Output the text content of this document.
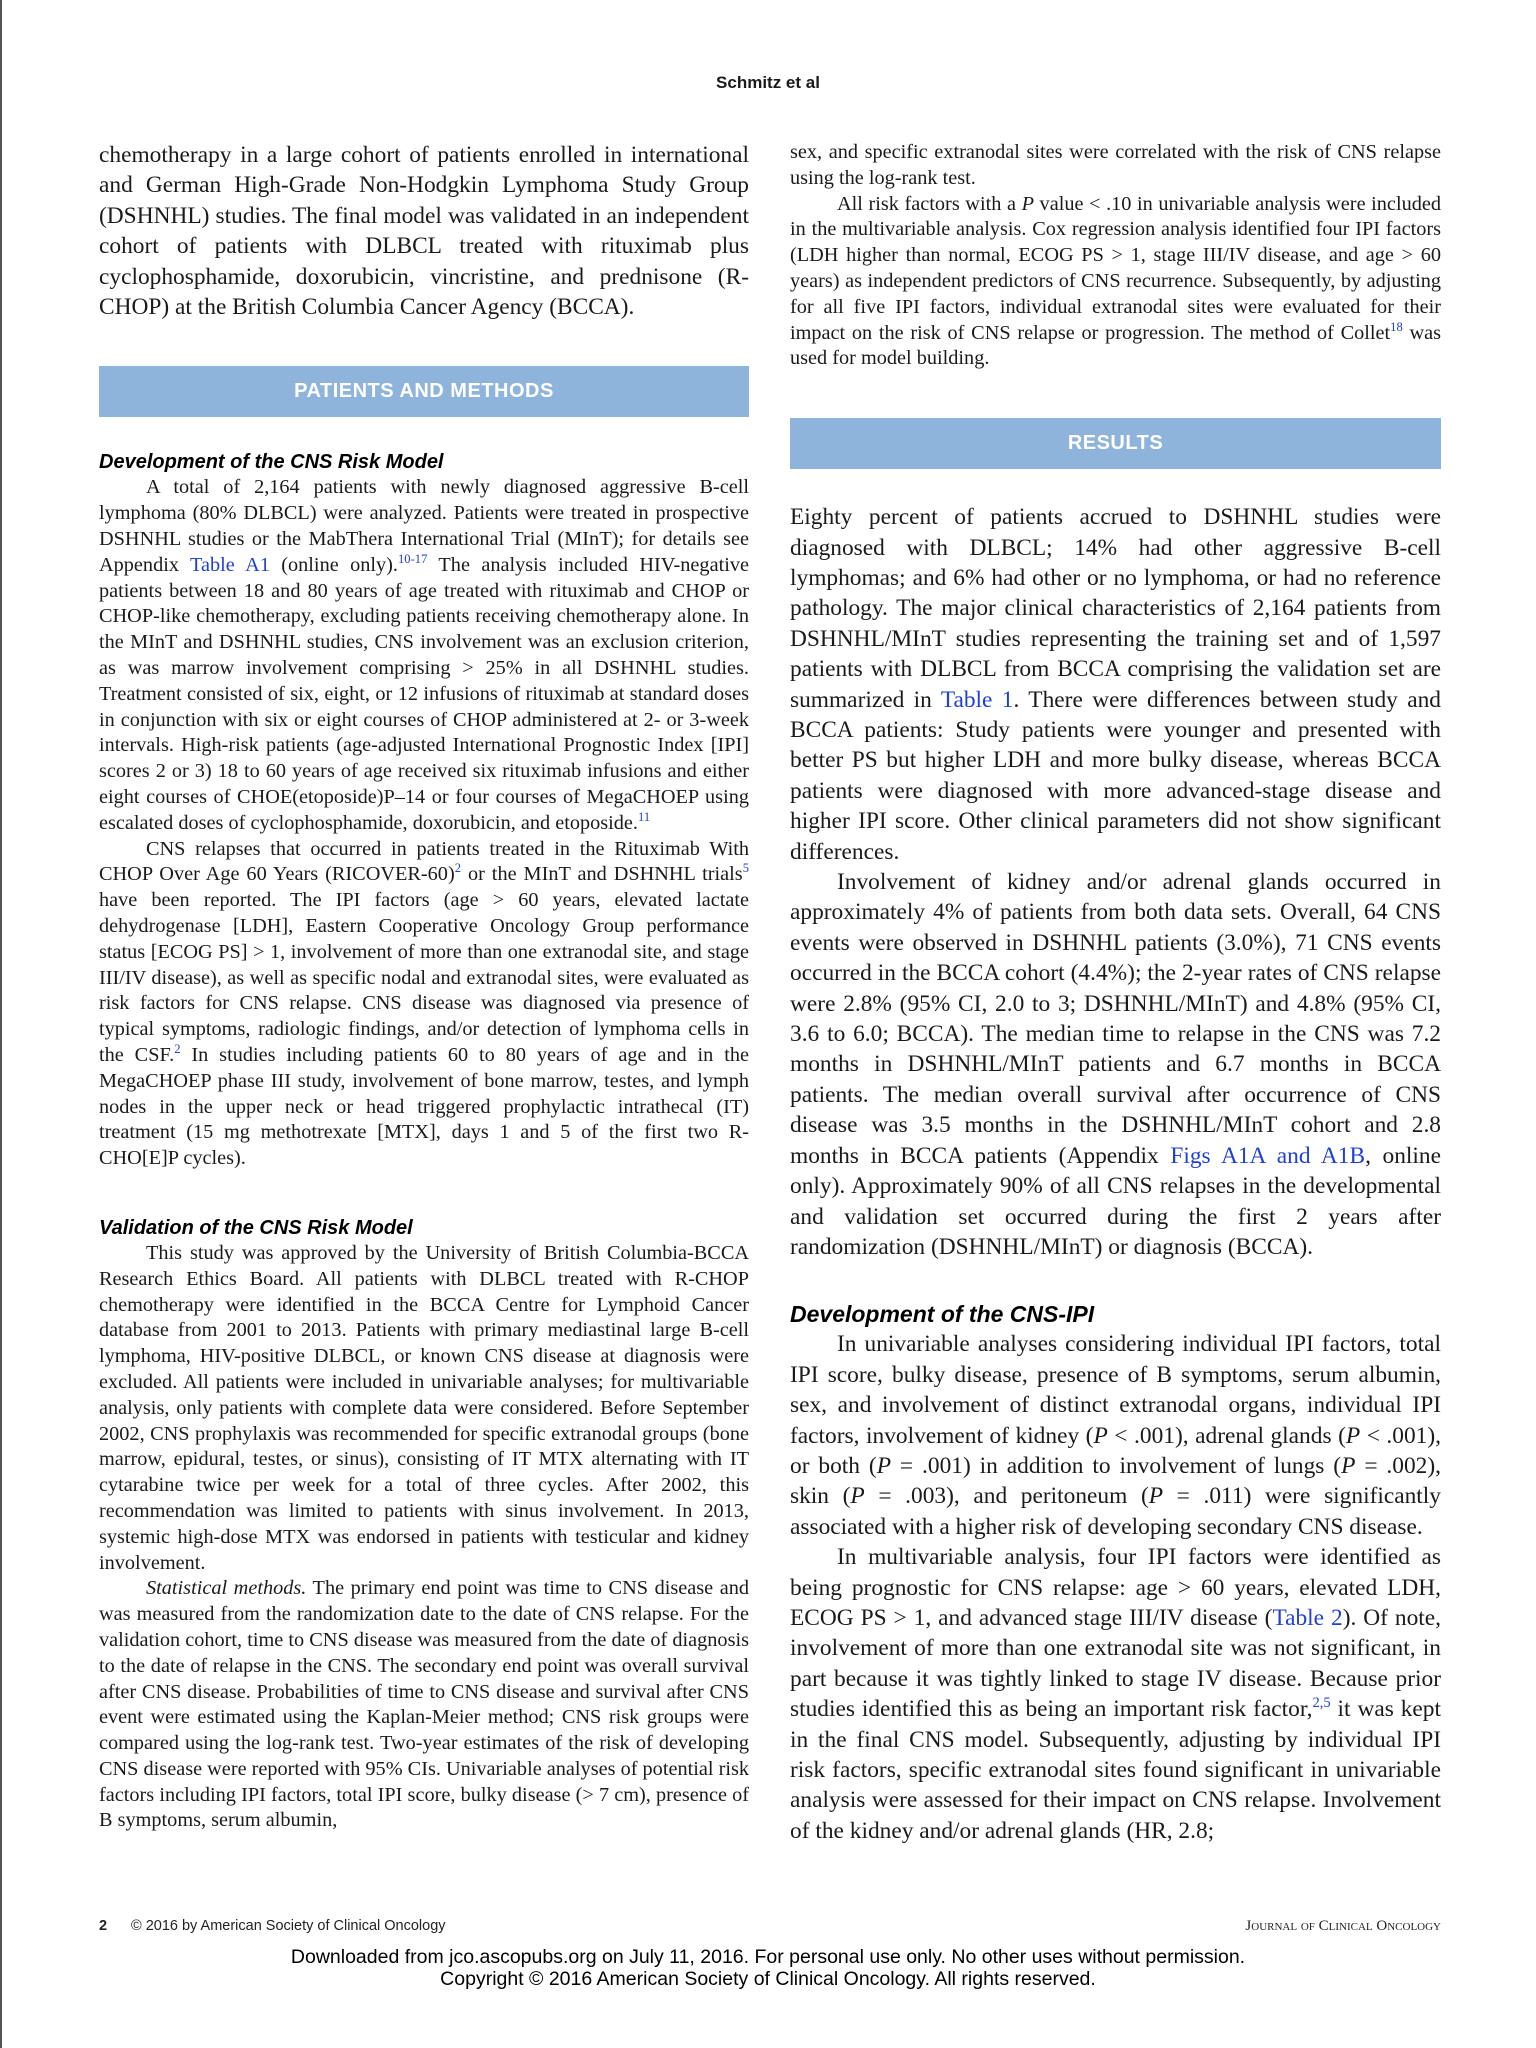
Schmitz et al

chemotherapy in a large cohort of patients enrolled in international and German High-Grade Non-Hodgkin Lymphoma Study Group (DSHNHL) studies. The final model was validated in an independent cohort of patients with DLBCL treated with rituximab plus cyclophosphamide, doxorubicin, vincristine, and prednisone (R-CHOP) at the British Columbia Cancer Agency (BCCA).

PATIENTS AND METHODS
Development of the CNS Risk Model

A total of 2,164 patients with newly diagnosed aggressive B-cell lymphoma (80% DLBCL) were analyzed. Patients were treated in prospective DSHNHL studies or the MabThera International Trial (MInT); for details see Appendix Table A1 (online only).$^{10-17}$ The analysis included HIV-negative patients between 18 and 80 years of age treated with rituximab and CHOP or CHOP-like chemotherapy, excluding patients receiving chemotherapy alone. In the MInT and DSHNHL studies, CNS involvement was an exclusion criterion, as was marrow involvement comprising > 25% in all DSHNHL studies. Treatment consisted of six, eight, or 12 infusions of rituximab at standard doses in conjunction with six or eight courses of CHOP administered at 2- or 3-week intervals. High-risk patients (age-adjusted International Prognostic Index [IPI] scores 2 or 3) 18 to 60 years of age received six rituximab infusions and either eight courses of CHOE(etoposide)P–14 or four courses of MegaCHOEP using escalated doses of cyclophosphamide, doxorubicin, and etoposide.$^{11}$

CNS relapses that occurred in patients treated in the Rituximab With CHOP Over Age 60 Years (RICOVER-60)$^2$ or the MInT and DSHNHL trials$^5$ have been reported. The IPI factors (age > 60 years, elevated lactate dehydrogenase [LDH], Eastern Cooperative Oncology Group performance status [ECOG PS] > 1, involvement of more than one extranodal site, and stage III/IV disease), as well as specific nodal and extranodal sites, were evaluated as risk factors for CNS relapse. CNS disease was diagnosed via presence of typical symptoms, radiologic findings, and/or detection of lymphoma cells in the CSF.$^2$ In studies including patients 60 to 80 years of age and in the MegaCHOEP phase III study, involvement of bone marrow, testes, and lymph nodes in the upper neck or head triggered prophylactic intrathecal (IT) treatment (15 mg methotrexate [MTX], days 1 and 5 of the first two R-CHO[E]P cycles).

Validation of the CNS Risk Model

This study was approved by the University of British Columbia-BCCA Research Ethics Board. All patients with DLBCL treated with R-CHOP chemotherapy were identified in the BCCA Centre for Lymphoid Cancer database from 2001 to 2013. Patients with primary mediastinal large B-cell lymphoma, HIV-positive DLBCL, or known CNS disease at diagnosis were excluded. All patients were included in univariable analyses; for multivariable analysis, only patients with complete data were considered. Before September 2002, CNS prophylaxis was recommended for specific extranodal groups (bone marrow, epidural, testes, or sinus), consisting of IT MTX alternating with IT cytarabine twice per week for a total of three cycles. After 2002, this recommendation was limited to patients with sinus involvement. In 2013, systemic high-dose MTX was endorsed in patients with testicular and kidney involvement.

Statistical methods. The primary end point was time to CNS disease and was measured from the randomization date to the date of CNS relapse. For the validation cohort, time to CNS disease was measured from the date of diagnosis to the date of relapse in the CNS. The secondary end point was overall survival after CNS disease. Probabilities of time to CNS disease and survival after CNS event were estimated using the Kaplan-Meier method; CNS risk groups were compared using the log-rank test. Two-year estimates of the risk of developing CNS disease were reported with 95% CIs. Univariable analyses of potential risk factors including IPI factors, total IPI score, bulky disease (> 7 cm), presence of B symptoms, serum albumin,

sex, and specific extranodal sites were correlated with the risk of CNS relapse using the log-rank test.

All risk factors with a P value < .10 in univariable analysis were included in the multivariable analysis. Cox regression analysis identified four IPI factors (LDH higher than normal, ECOG PS > 1, stage III/IV disease, and age > 60 years) as independent predictors of CNS recurrence. Subsequently, by adjusting for all five IPI factors, individual extranodal sites were evaluated for their impact on the risk of CNS relapse or progression. The method of Collet$^{18}$ was used for model building.

RESULTS

Eighty percent of patients accrued to DSHNHL studies were diagnosed with DLBCL; 14% had other aggressive B-cell lymphomas; and 6% had other or no lymphoma, or had no reference pathology. The major clinical characteristics of 2,164 patients from DSHNHL/MInT studies representing the training set and of 1,597 patients with DLBCL from BCCA comprising the validation set are summarized in Table 1. There were differences between study and BCCA patients: Study patients were younger and presented with better PS but higher LDH and more bulky disease, whereas BCCA patients were diagnosed with more advanced-stage disease and higher IPI score. Other clinical parameters did not show significant differences.

Involvement of kidney and/or adrenal glands occurred in approximately 4% of patients from both data sets. Overall, 64 CNS events were observed in DSHNHL patients (3.0%), 71 CNS events occurred in the BCCA cohort (4.4%); the 2-year rates of CNS relapse were 2.8% (95% CI, 2.0 to 3; DSHNHL/MInT) and 4.8% (95% CI, 3.6 to 6.0; BCCA). The median time to relapse in the CNS was 7.2 months in DSHNHL/MInT patients and 6.7 months in BCCA patients. The median overall survival after occurrence of CNS disease was 3.5 months in the DSHNHL/MInT cohort and 2.8 months in BCCA patients (Appendix Figs A1A and A1B, online only). Approximately 90% of all CNS relapses in the developmental and validation set occurred during the first 2 years after randomization (DSHNHL/MInT) or diagnosis (BCCA).

Development of the CNS-IPI

In univariable analyses considering individual IPI factors, total IPI score, bulky disease, presence of B symptoms, serum albumin, sex, and involvement of distinct extranodal organs, individual IPI factors, involvement of kidney (P < .001), adrenal glands (P < .001), or both (P = .001) in addition to involvement of lungs (P = .002), skin (P = .003), and peritoneum (P = .011) were significantly associated with a higher risk of developing secondary CNS disease.

In multivariable analysis, four IPI factors were identified as being prognostic for CNS relapse: age > 60 years, elevated LDH, ECOG PS > 1, and advanced stage III/IV disease (Table 2). Of note, involvement of more than one extranodal site was not significant, in part because it was tightly linked to stage IV disease. Because prior studies identified this as being an important risk factor,$^{2,5}$ it was kept in the final CNS model. Subsequently, adjusting by individual IPI risk factors, specific extranodal sites found significant in univariable analysis were assessed for their impact on CNS relapse. Involvement of the kidney and/or adrenal glands (HR, 2.8;

2 © 2016 by American Society of Clinical Oncology	Journal of Clinical Oncology
Downloaded from jco.ascopubs.org on July 11, 2016. For personal use only. No other uses without permission.
Copyright © 2016 American Society of Clinical Oncology. All rights reserved.
